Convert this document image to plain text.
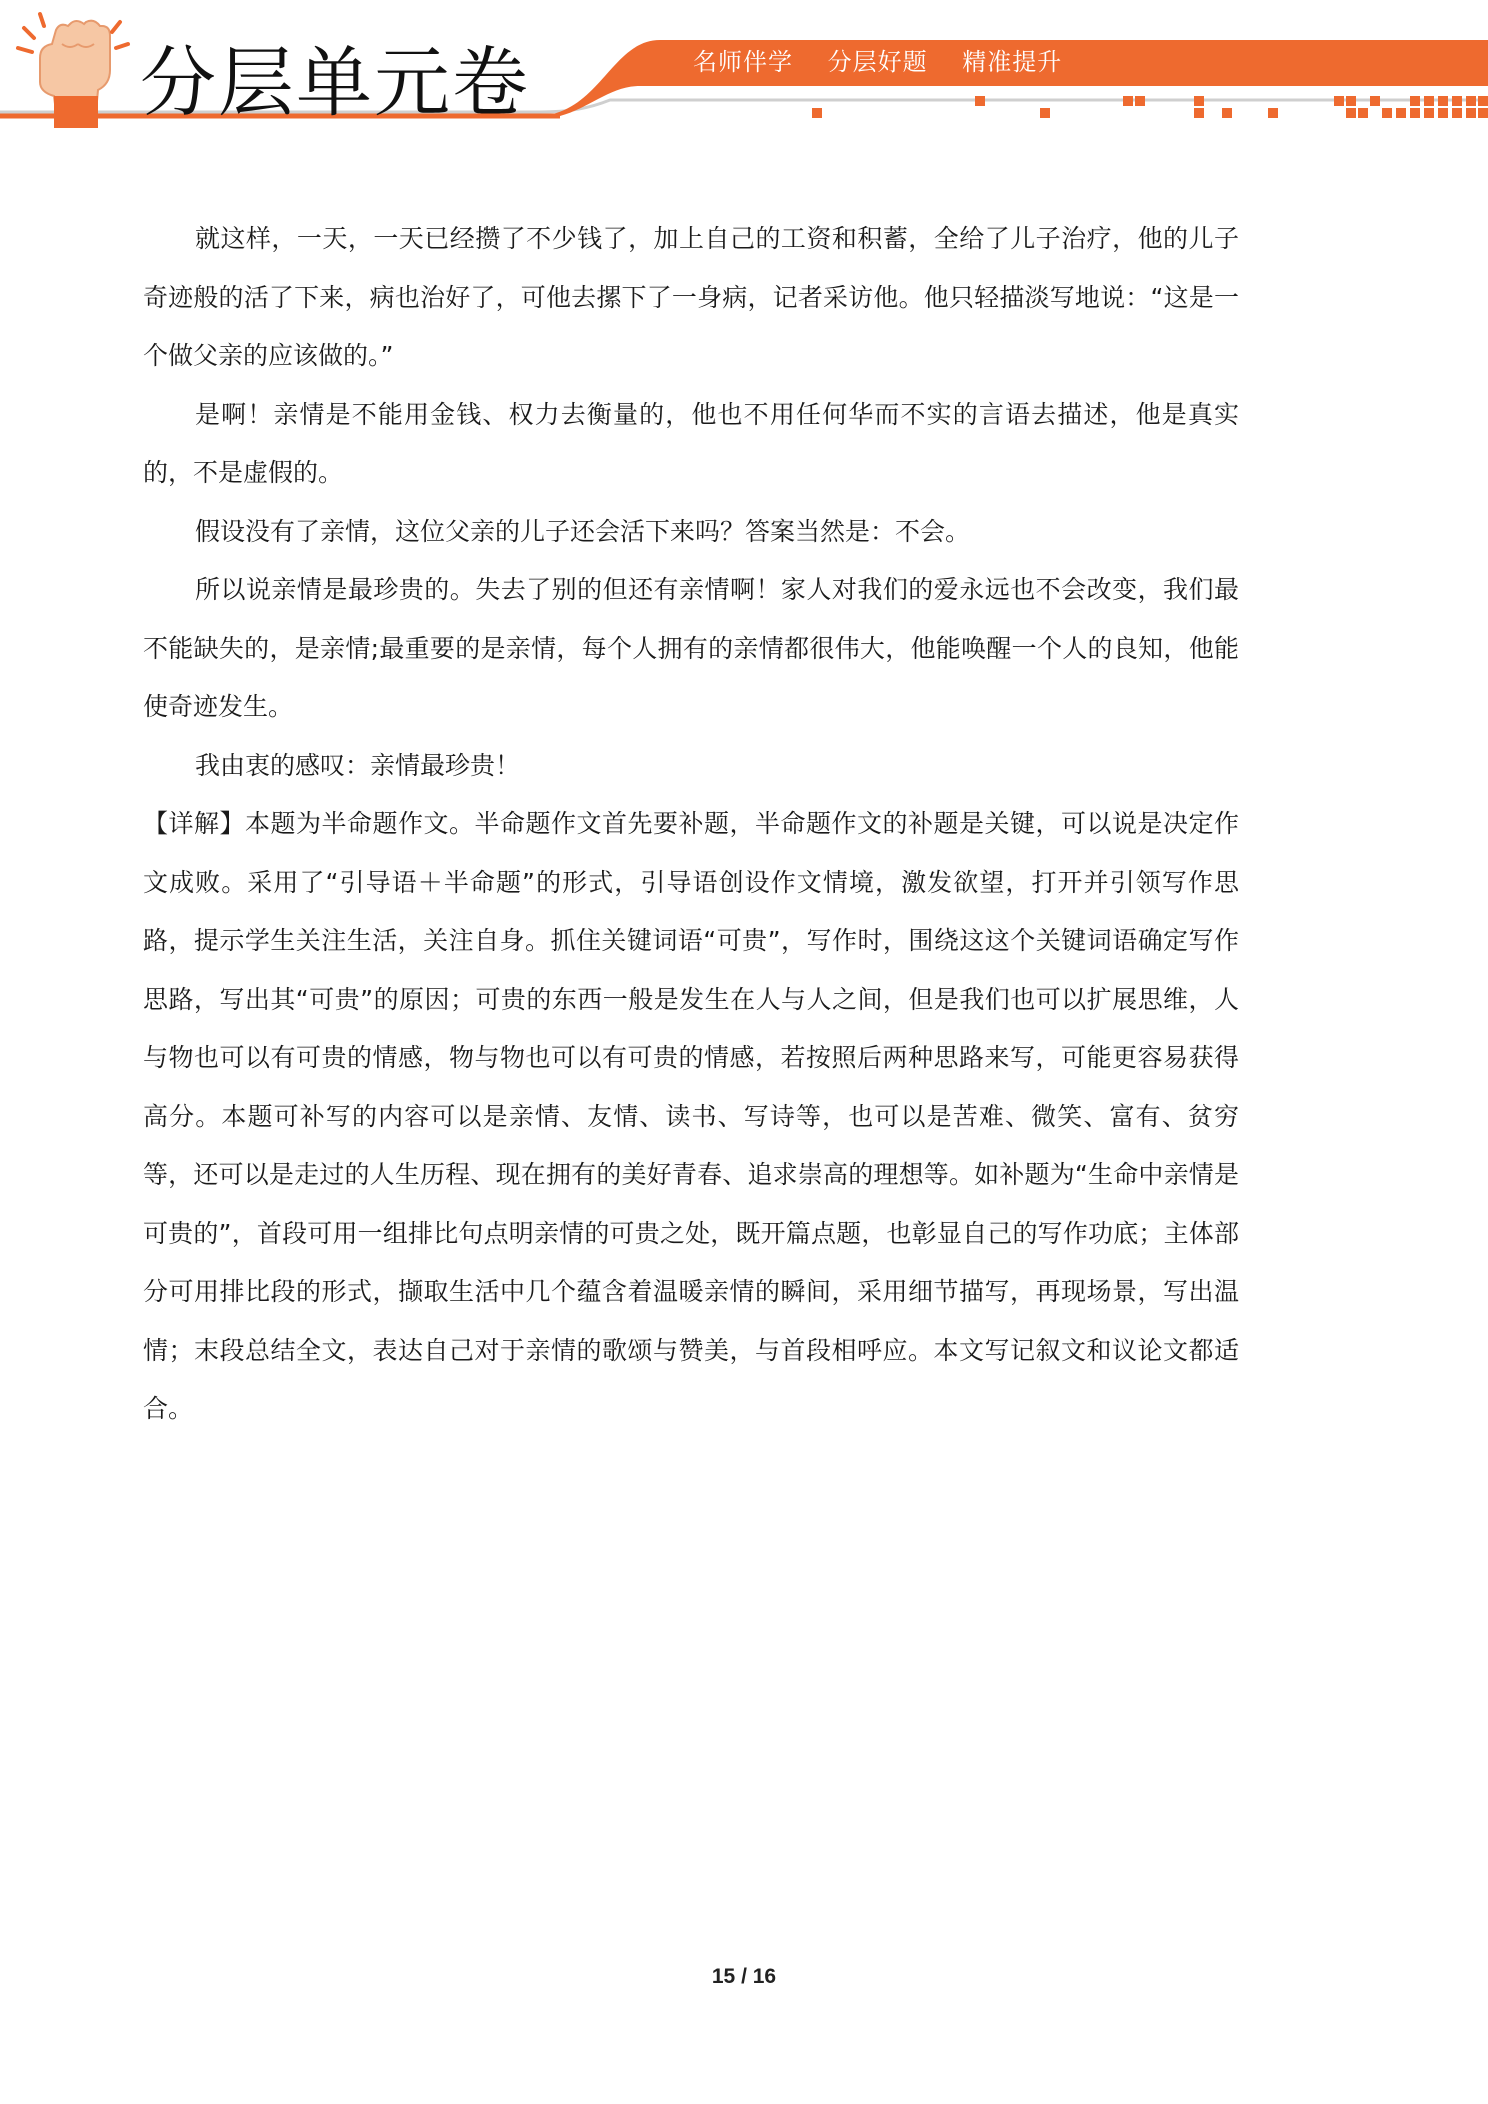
分层单元卷	名师伴学 分层好题 精准提升

就这样，一天，一天已经攒了不少钱了，加上自己的工资和积蓄，全给了儿子治疗，他的儿子奇迹般的活了下来，病也治好了，可他去摞下了一身病，记者采访他。他只轻描淡写地说：“这是一个做父亲的应该做的。”

是啊！亲情是不能用金钱、权力去衡量的，他也不用任何华而不实的言语去描述，他是真实的，不是虚假的。

假设没有了亲情，这位父亲的儿子还会活下来吗？答案当然是：不会。

所以说亲情是最珍贵的。失去了别的但还有亲情啊！家人对我们的爱永远也不会改变，我们最不能缺失的，是亲情;最重要的是亲情，每个人拥有的亲情都很伟大，他能唤醒一个人的良知，他能使奇迹发生。

我由衷的感叹：亲情最珍贵！

【详解】本题为半命题作文。半命题作文首先要补题，半命题作文的补题是关键，可以说是决定作文成败。采用了“引导语＋半命题”的形式，引导语创设作文情境，激发欲望，打开并引领写作思路，提示学生关注生活，关注自身。抓住关键词语“可贵”，写作时，围绕这这个关键词语确定写作思路，写出其“可贵”的原因；可贵的东西一般是发生在人与人之间，但是我们也可以扩展思维，人与物也可以有可贵的情感，物与物也可以有可贵的情感，若按照后两种思路来写，可能更容易获得高分。本题可补写的内容可以是亲情、友情、读书、写诗等，也可以是苦难、微笑、富有、贫穷等，还可以是走过的人生历程、现在拥有的美好青春、追求崇高的理想等。如补题为“生命中亲情是可贵的”，首段可用一组排比句点明亲情的可贵之处，既开篇点题，也彰显自己的写作功底；主体部分可用排比段的形式，撷取生活中几个蕴含着温暖亲情的瞬间，采用细节描写，再现场景，写出温情；末段总结全文，表达自己对于亲情的歌颂与赞美，与首段相呼应。本文写记叙文和议论文都适合。

15 / 16
